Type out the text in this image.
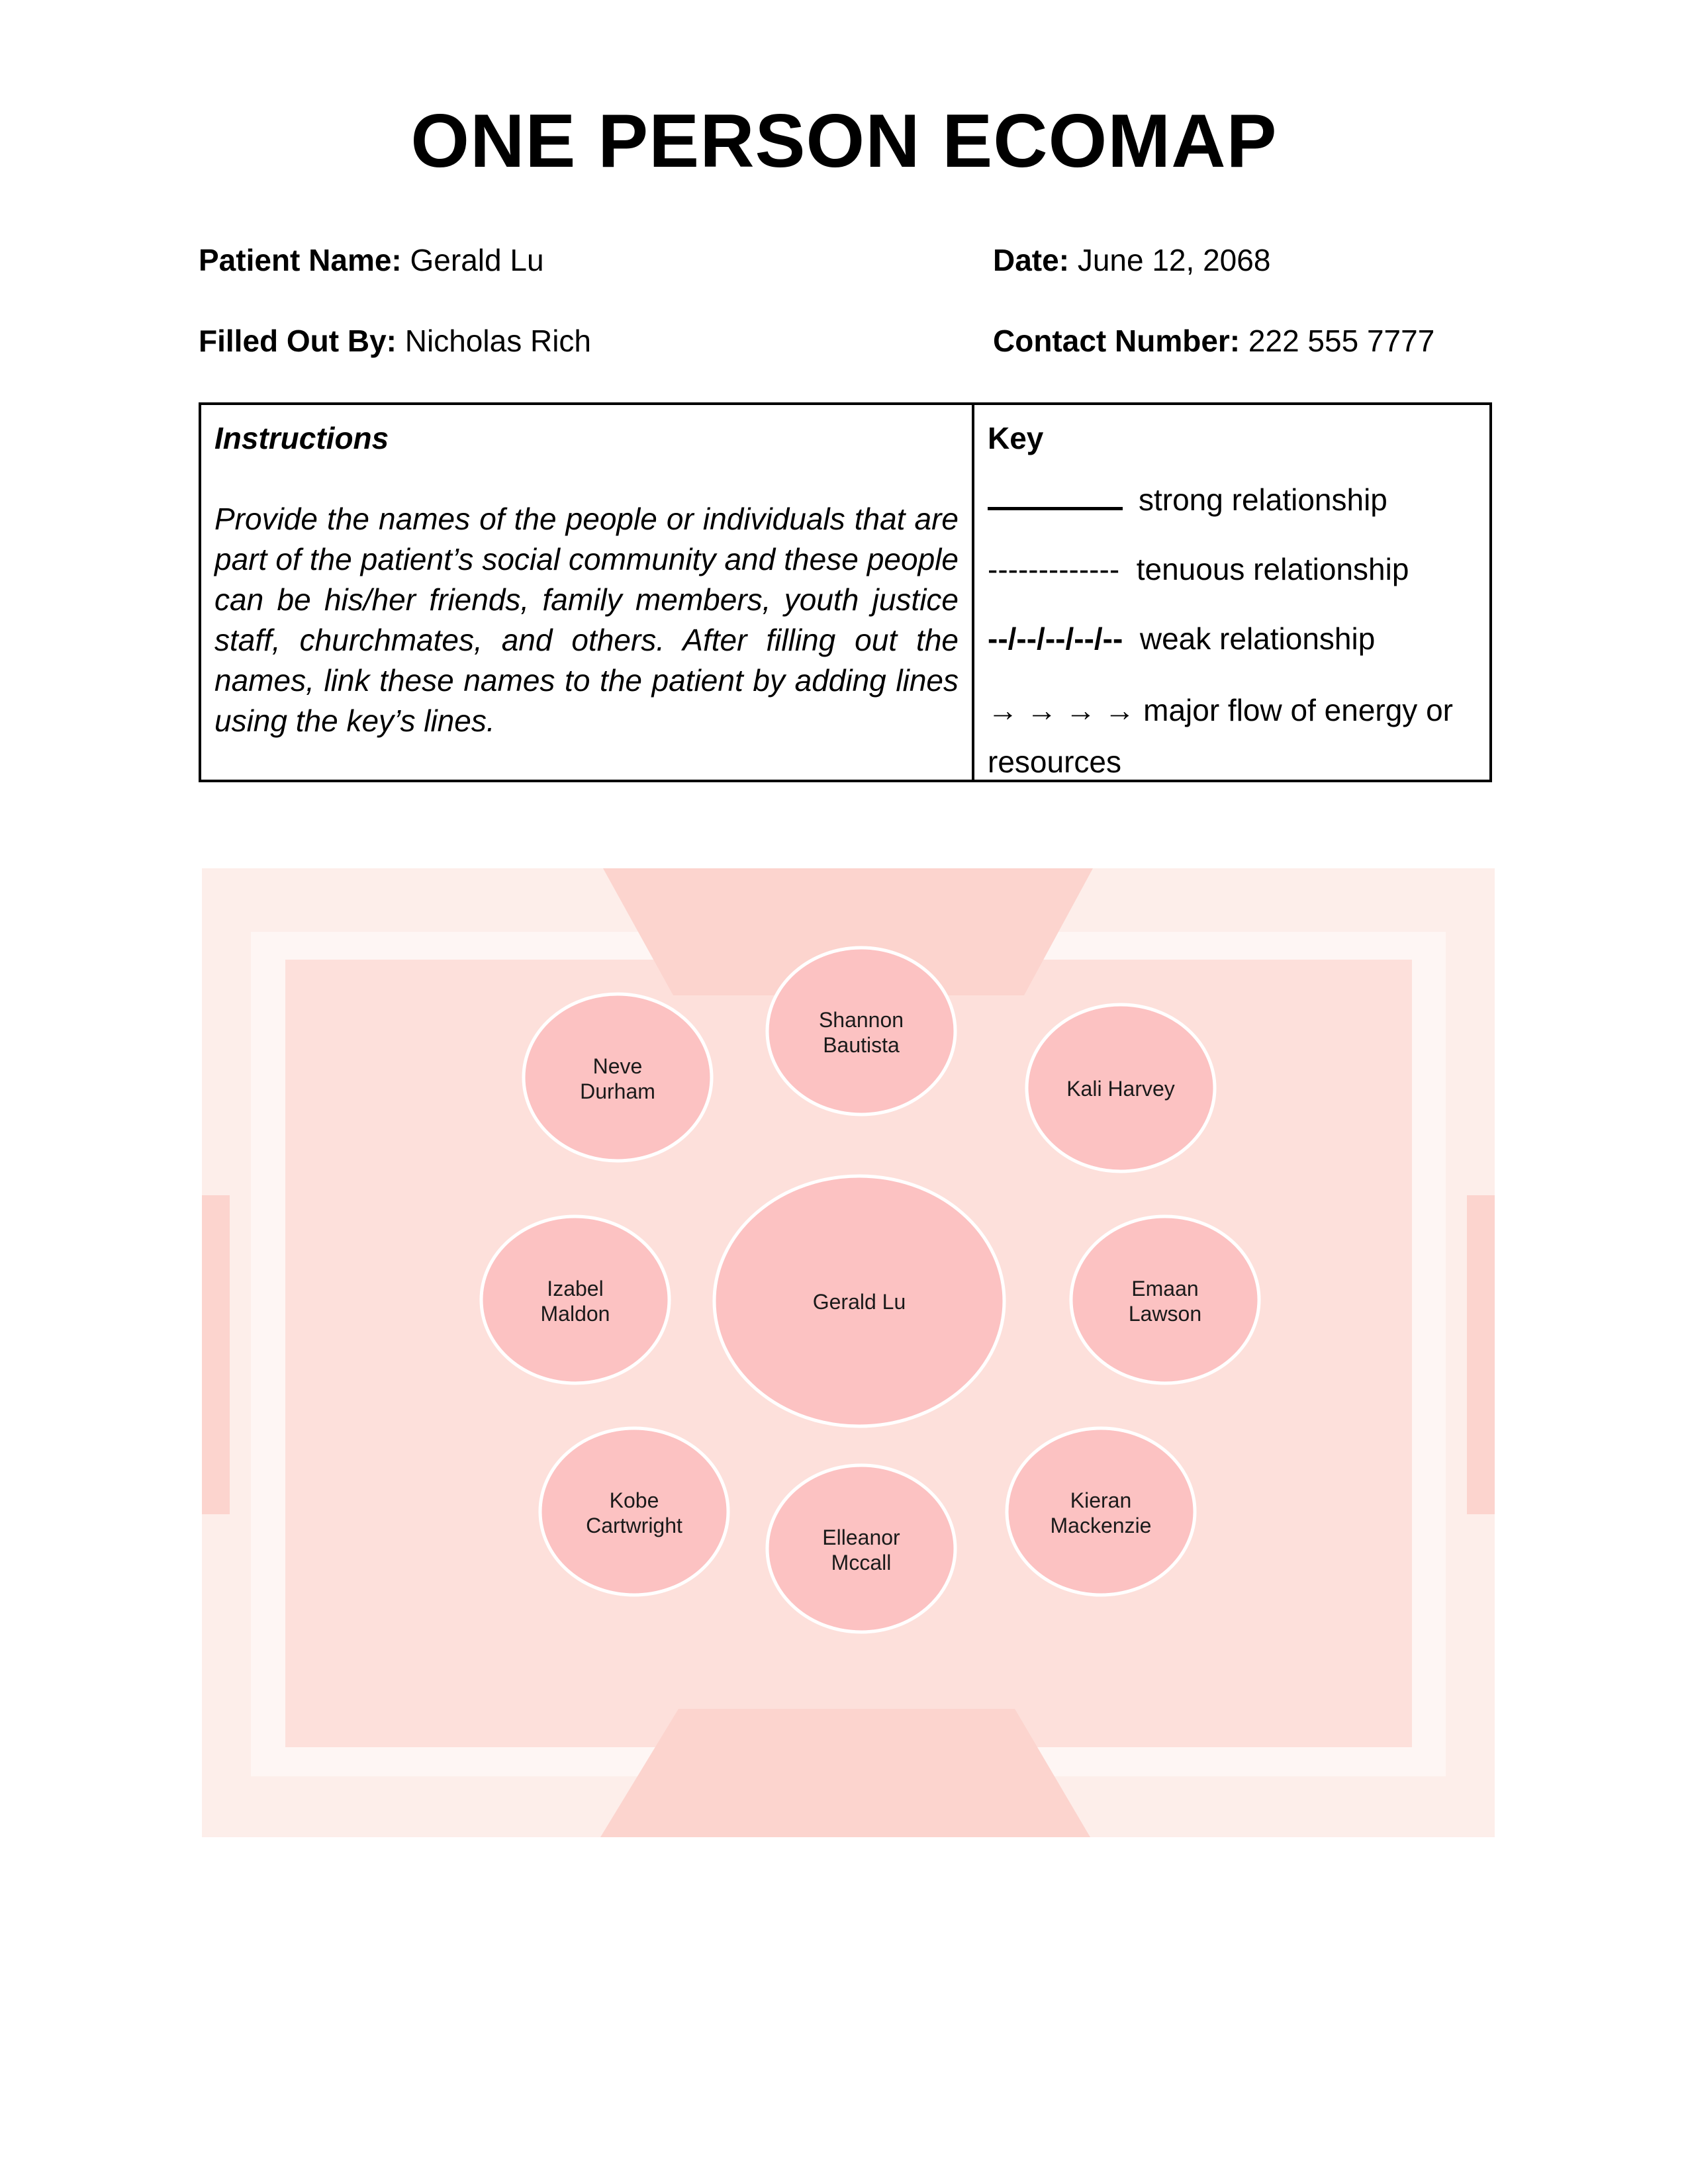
ONE PERSON ECOMAP
Patient Name: Gerald Lu	Date: June 12, 2068
Filled Out By: Nicholas Rich	Contact Number: 222 555 7777
Instructions
Provide the names of the people or individuals that are part of the patient’s social community and these people can be his/her friends, family members, youth justice staff, churchmates, and others. After filling out the names, link these names to the patient by adding lines using the key’s lines.
Key
strong relationship
------------- tenuous relationship
--/--/--/--/-- weak relationship
→ → → → major flow of energy or resources
Gerald Lu
Shannon
Bautista
Neve
Durham	Kali Harvey
Izabel
Maldon
Emaan
Lawson
Kobe
Cartwright	Elleanor
Mccall
Kieran
Mackenzie
